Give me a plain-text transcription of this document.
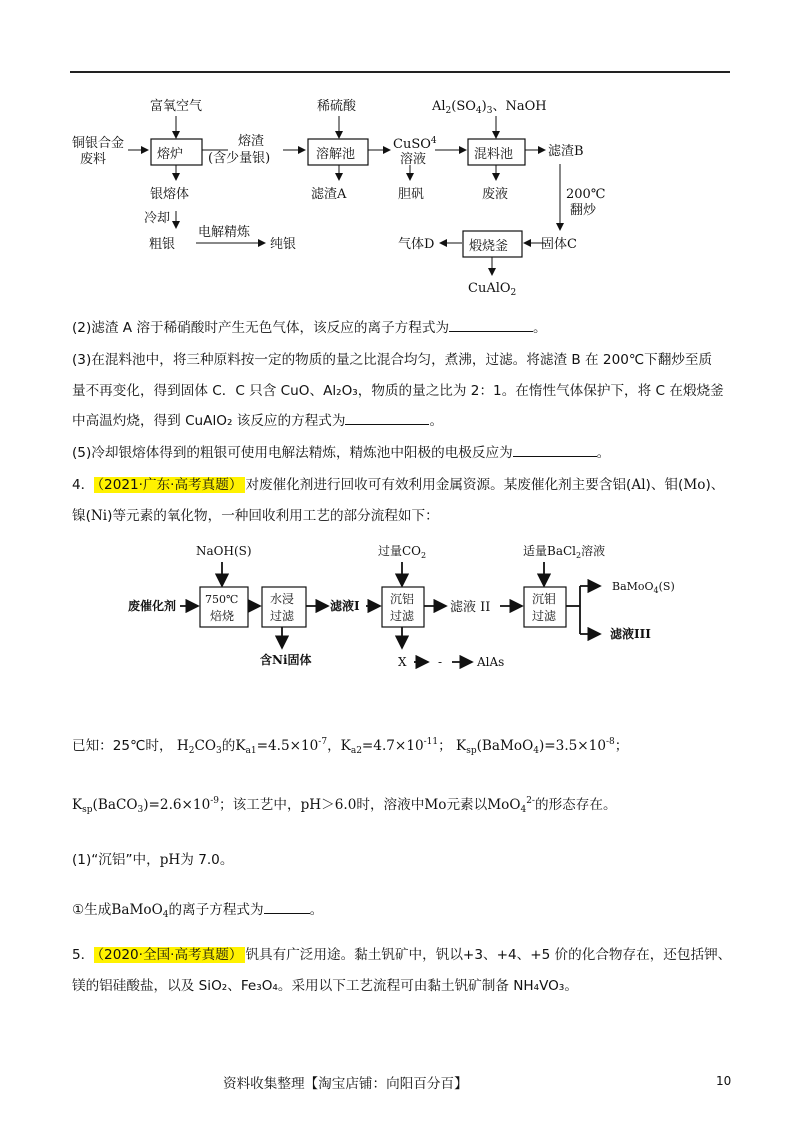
铜银合金
废料
富氧空气
熔炉
熔渣
(含少量银)
稀硫酸
溶解池
CuSO$^4$
溶液
$Al_2(SO_4)_3$、NaOH
混料池	滤渣B
银熔体	滤渣A	胆矾	废液	200℃
翻炒
冷却
粗银
电解精炼
纯银	气体D	煅烧釜	固体C
CuAlO$_2$
(2)滤渣 A 溶于稀硝酸时产生无色气体，该反应的离子方程式为	。
(3)在混料池中，将三种原料按一定的物质的量之比混合均匀，煮沸，过滤。将滤渣 B 在 200℃下翻炒至质
量不再变化，得到固体 C．C 只含 CuO、Al₂O₃，物质的量之比为 2：1。在惰性气体保护下，将 C 在煅烧釜
中高温灼烧，得到 CuAlO₂ 该反应的方程式为	。
(5)冷却银熔体得到的粗银可使用电解法精炼，精炼池中阳极的电极反应为	。
4． （2021·广东·高考真题） 对废催化剂进行回收可有效利用金属资源。某废催化剂主要含铝(Al)、钼(Mo)、
镍(Ni)等元素的氧化物，一种回收利用工艺的部分流程如下：
NaOH(S)
废催化剂	750℃
焙烧
水浸
过滤
滤液I
含Ni固体
过量$CO_2$
沉铝
过滤
滤液 II
X	-	AlAs
适量BaCl$_2$溶液
沉钼
过滤
BaMoO$_4$(S)
滤液III
已知：25℃时， $H_2CO_3$的$K_{a1}=4.5\times 10^{-7}$，$K_{a2}=4.7\times 10^{-11}$； $K_{sp}(BaMoO_4)=3.5\times 10^{-8}$；
$K_{sp}(BaCO_3)=2.6\times 10^{-9}$；该工艺中，pH＞6.0时，溶液中Mo元素以MoO$_4^{2-}$的形态存在。
(1)“沉铝”中，pH为 7.0。
①生成BaMoO$_4$的离子方程式为	。
5． （2020·全国·高考真题） 钒具有广泛用途。黏土钒矿中，钒以+3、+4、+5 价的化合物存在，还包括钾、
镁的铝硅酸盐，以及 SiO₂、Fe₃O₄。采用以下工艺流程可由黏土钒矿制备 NH₄VO₃。
资料收集整理【淘宝店铺：向阳百分百】	10
